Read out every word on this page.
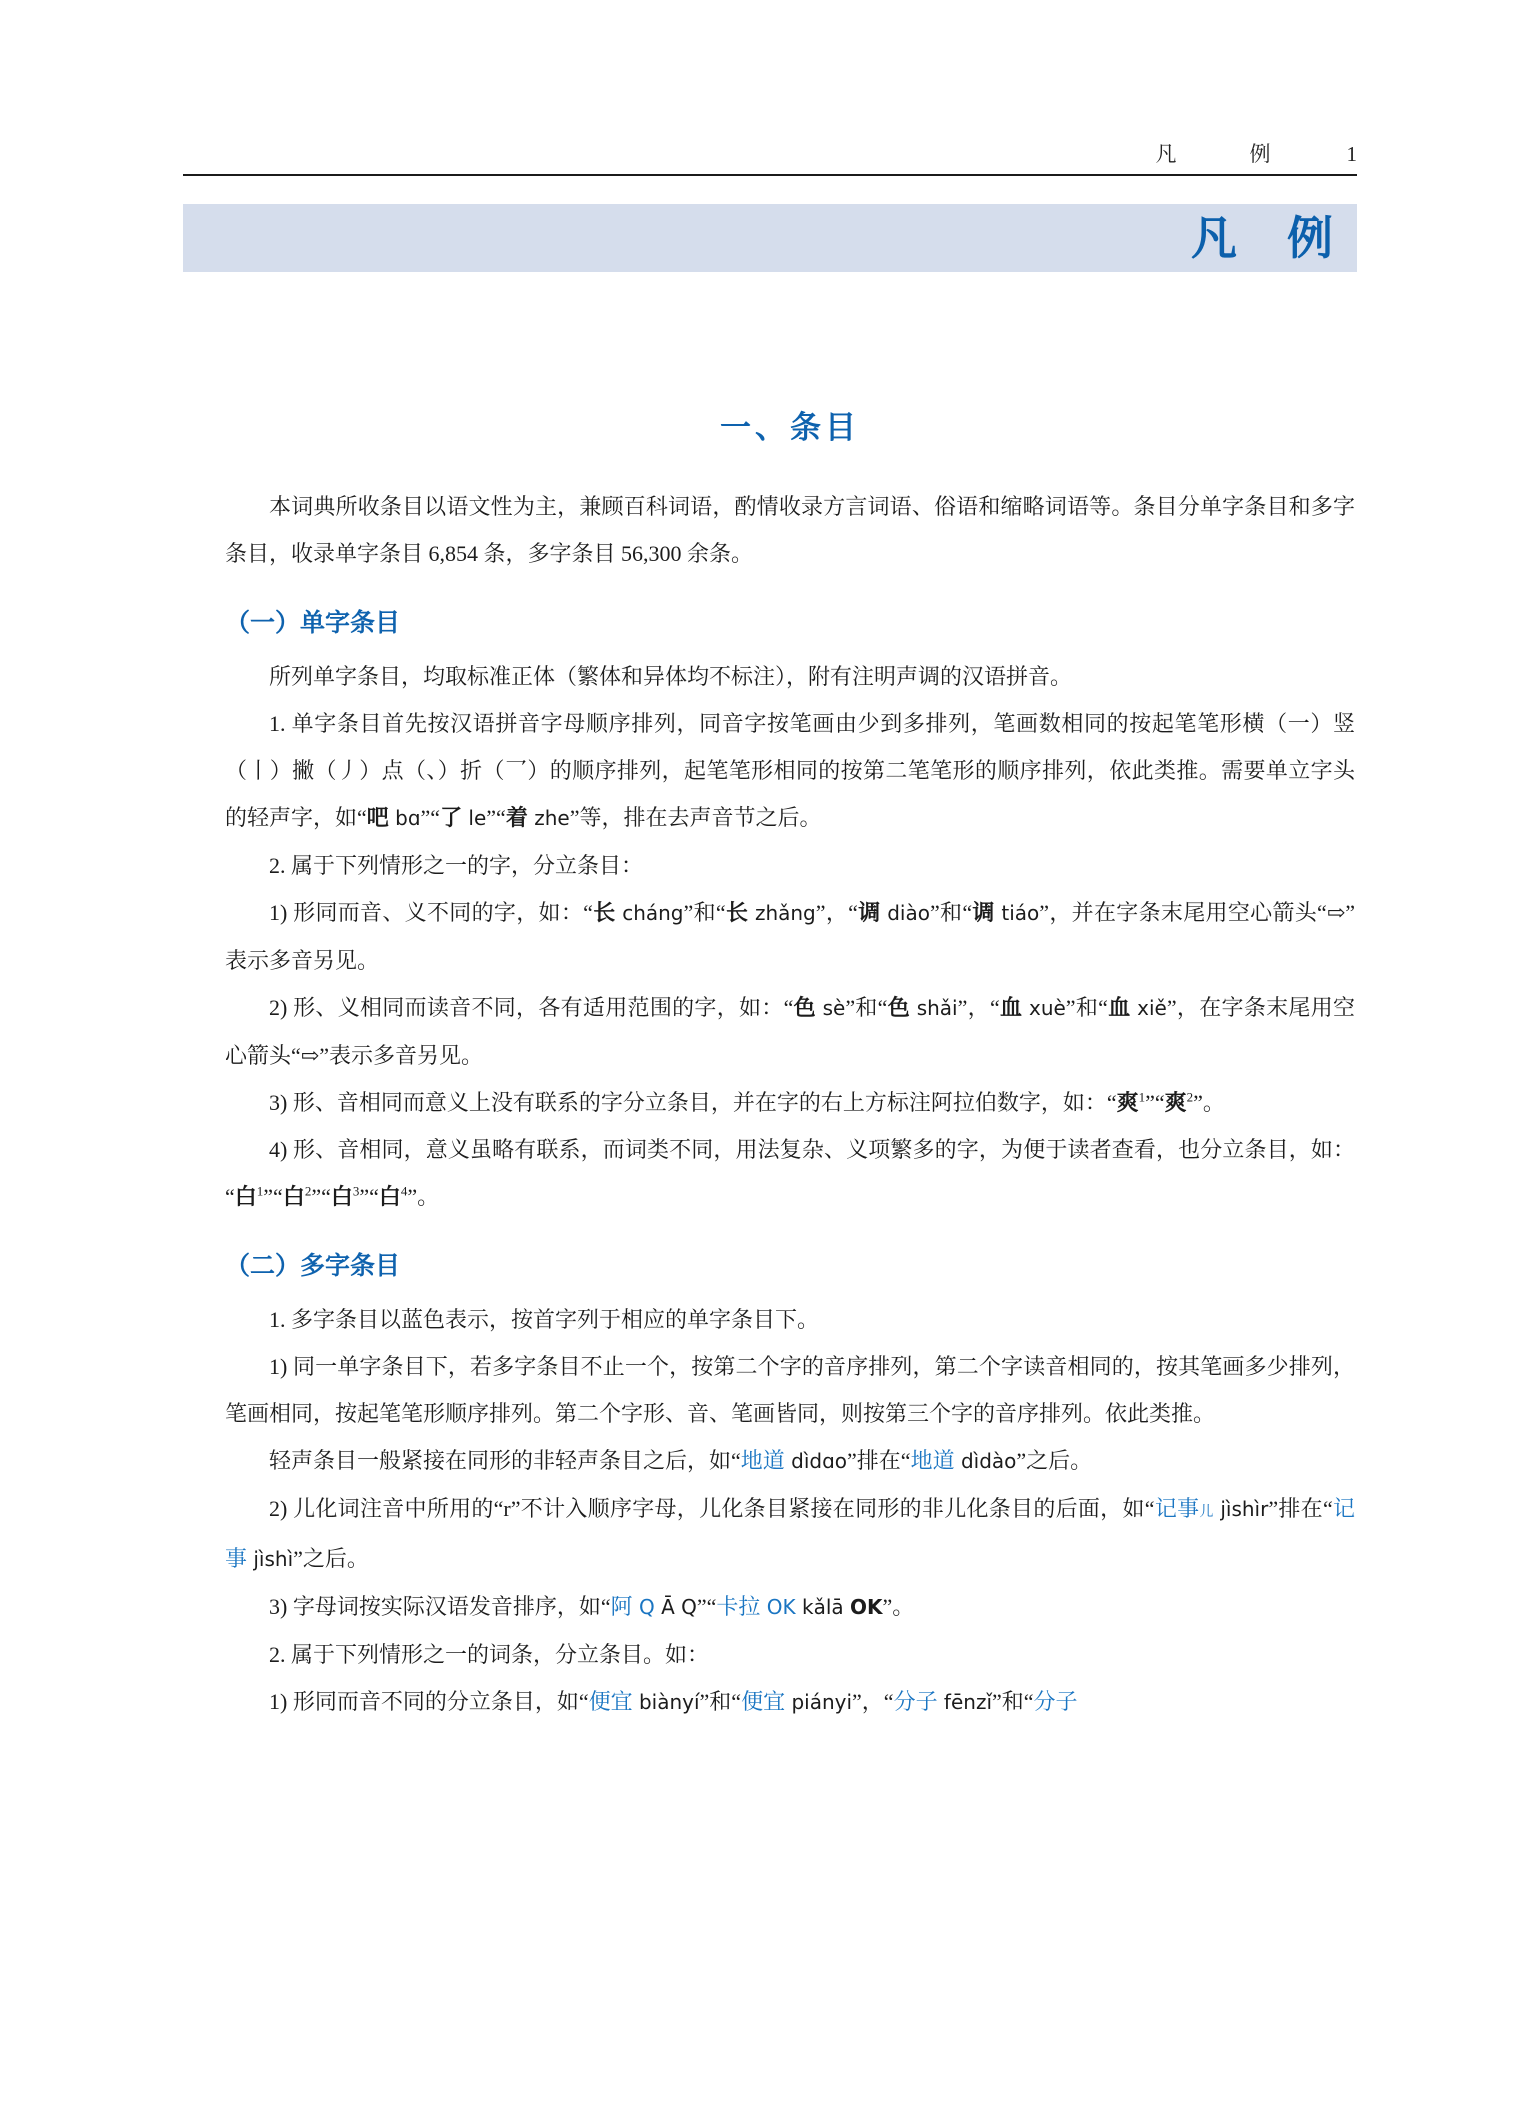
凡　例 1
凡　例
一、条目

本词典所收条目以语文性为主，兼顾百科词语，酌情收录方言词语、俗语和缩略词语等。条目分单字条目和多字条目，收录单字条目 6,854 条，多字条目 56,300 余条。

（一）单字条目

所列单字条目，均取标准正体（繁体和异体均不标注），附有注明声调的汉语拼音。

1. 单字条目首先按汉语拼音字母顺序排列，同音字按笔画由少到多排列，笔画数相同的按起笔笔形横（一）竖（丨）撇（丿）点（、）折（乛）的顺序排列，起笔笔形相同的按第二笔笔形的顺序排列，依此类推。需要单立字头的轻声字，如“吧 bɑ”“了 le”“着 zhe”等，排在去声音节之后。

2. 属于下列情形之一的字，分立条目：

1) 形同而音、义不同的字，如：“长 cháng”和“长 zhǎng”，“调 diào”和“调 tiáo”，并在字条末尾用空心箭头“⇨”表示多音另见。

2) 形、义相同而读音不同，各有适用范围的字，如：“色 sè”和“色 shǎi”，“血 xuè”和“血 xiě”，在字条末尾用空心箭头“⇨”表示多音另见。

3) 形、音相同而意义上没有联系的字分立条目，并在字的右上方标注阿拉伯数字，如：“爽$^1$”“爽$^2$”。

4) 形、音相同，意义虽略有联系，而词类不同，用法复杂、义项繁多的字，为便于读者查看，也分立条目，如：“白$^1$”“白$^2$”“白$^3$”“白$^4$”。

（二）多字条目

1. 多字条目以蓝色表示，按首字列于相应的单字条目下。

1) 同一单字条目下，若多字条目不止一个，按第二个字的音序排列，第二个字读音相同的，按其笔画多少排列，笔画相同，按起笔笔形顺序排列。第二个字形、音、笔画皆同，则按第三个字的音序排列。依此类推。

轻声条目一般紧接在同形的非轻声条目之后，如“地道 dìdɑo”排在“地道 dìdào”之后。

2) 儿化词注音中所用的“r”不计入顺序字母，儿化条目紧接在同形的非儿化条目的后面，如“记事儿 jìshìr”排在“记事 jìshì”之后。

3) 字母词按实际汉语发音排序，如“阿 Q Ā Q”“卡拉 OK kǎlā OK”。

2. 属于下列情形之一的词条，分立条目。如：

1) 形同而音不同的分立条目，如“便宜 biànyí”和“便宜 piányi”，“分子 fēnzǐ”和“分子
